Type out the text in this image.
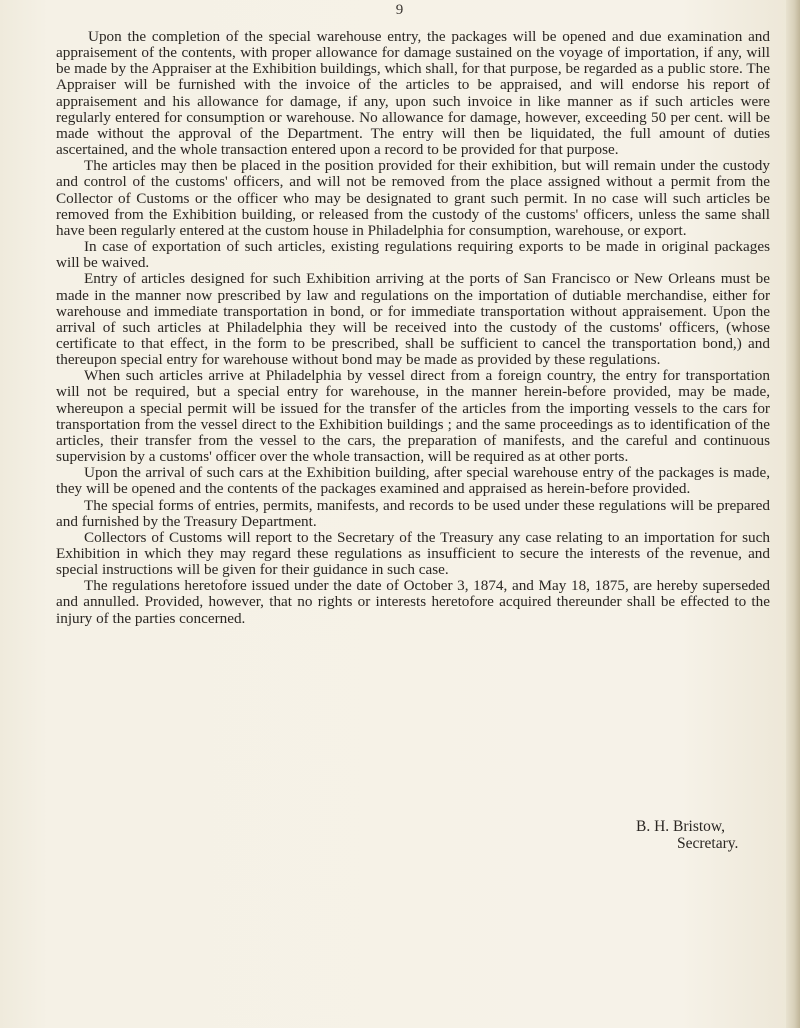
9

Upon the completion of the special warehouse entry, the packages will be opened and due examination and appraisement of the contents, with proper allowance for damage sustained on the voyage of importation, if any, will be made by the Appraiser at the Exhibition buildings, which shall, for that purpose, be regarded as a public store. The Appraiser will be furnished with the invoice of the articles to be appraised, and will endorse his report of appraisement and his allowance for damage, if any, upon such invoice in like manner as if such articles were regularly entered for consumption or warehouse. No allowance for damage, however, exceeding 50 per cent. will be made without the approval of the Department. The entry will then be liquidated, the full amount of duties ascertained, and the whole transaction entered upon a record to be provided for that purpose.

The articles may then be placed in the position provided for their exhibition, but will remain under the custody and control of the customs' officers, and will not be removed from the place assigned without a permit from the Collector of Customs or the officer who may be designated to grant such permit. In no case will such articles be removed from the Exhibition building, or released from the custody of the customs' officers, unless the same shall have been regularly entered at the custom house in Philadelphia for consumption, warehouse, or export.

In case of exportation of such articles, existing regulations requiring exports to be made in original packages will be waived.

Entry of articles designed for such Exhibition arriving at the ports of San Francisco or New Orleans must be made in the manner now prescribed by law and regulations on the importation of dutiable merchandise, either for warehouse and immediate transportation in bond, or for immediate transportation without appraisement. Upon the arrival of such articles at Philadelphia they will be received into the custody of the customs' officers, (whose certificate to that effect, in the form to be prescribed, shall be sufficient to cancel the transportation bond,) and thereupon special entry for warehouse without bond may be made as provided by these regulations.

When such articles arrive at Philadelphia by vessel direct from a foreign country, the entry for transportation will not be required, but a special entry for warehouse, in the manner herein-before provided, may be made, whereupon a special permit will be issued for the transfer of the articles from the importing vessels to the cars for transportation from the vessel direct to the Exhibition buildings ; and the same proceedings as to identification of the articles, their transfer from the vessel to the cars, the preparation of manifests, and the careful and continuous supervision by a customs' officer over the whole transaction, will be required as at other ports.

Upon the arrival of such cars at the Exhibition building, after special warehouse entry of the packages is made, they will be opened and the contents of the packages examined and appraised as herein-before provided.

The special forms of entries, permits, manifests, and records to be used under these regulations will be prepared and furnished by the Treasury Department.

Collectors of Customs will report to the Secretary of the Treasury any case relating to an importation for such Exhibition in which they may regard these regulations as insufficient to secure the interests of the revenue, and special instructions will be given for their guidance in such case.

The regulations heretofore issued under the date of October 3, 1874, and May 18, 1875, are hereby superseded and annulled. Provided, however, that no rights or interests heretofore acquired thereunder shall be effected to the injury of the parties concerned.

B. H. Bristow,
Secretary.
